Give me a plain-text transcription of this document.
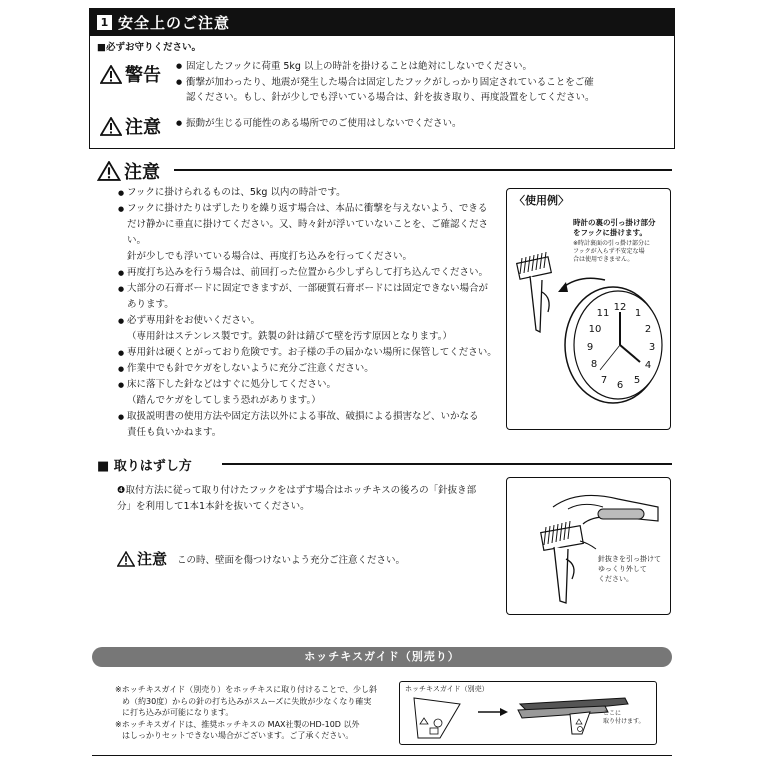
1 安全上のご注意
■必ずお守りください。
警告 ● 固定したフックに荷重 5kg 以上の時計を掛けることは絶対にしないでください。
● 衝撃が加わったり、地震が発生した場合は固定したフックがしっかり固定されていることをご確
認ください。もし、針が少しでも浮いている場合は、針を抜き取り、再度設置をしてください。
注意 ● 振動が生じる可能性のある場所でのご使用はしないでください。
注意
● フックに掛けられるものは、5kg 以内の時計です。
● フックに掛けたりはずしたりを繰り返す場合は、本品に衝撃を与えないよう、できる
だけ静かに垂直に掛けてください。又、時々針が浮いていないことを、ご確認ください。
針が少しでも浮いている場合は、再度打ち込みを行ってください。
● 再度打ち込みを行う場合は、前回打った位置から少しずらして打ち込んでください。
● 大部分の石膏ボードに固定できますが、一部硬質石膏ボードには固定できない場合が
あります。
● 必ず専用針をお使いください。
（専用針はステンレス製です。鉄製の針は錆びて壁を汚す原因となります。）
● 専用針は硬くとがっており危険です。お子様の手の届かない場所に保管してください。
● 作業中でも針でケガをしないように充分ご注意ください。
● 床に落下した針などはすぐに処分してください。
（踏んでケガをしてしまう恐れがあります。）
● 取扱説明書の使用方法や固定方法以外による事故、破損による損害など、いかなる
責任も負いかねます。
〈使用例〉
時計の裏の引っ掛け部分
をフックに掛けます。
※時計裏面の引っ掛け部分に
フックが入らず不安定な場
合は使用できません。
12
1
2
3
4
5
6
7
8
9
10
11
■ 取りはずし方
❹取付方法に従って取り付けたフックをはずす場合はホッチキスの後ろの「針抜き部
分」を利用して1本1本針を抜いてください。
注意 この時、壁面を傷つけないよう充分ご注意ください。	針抜きを引っ掛けて
ゆっくり外して
ください。
ホッチキスガイド（別売り）
※ホッチキスガイド（別売り）をホッチキスに取り付けることで、少し斜
め（約30度）からの針の打ち込みがスムーズに失敗が少なくなり確実
に打ち込みが可能になります。
※ホッチキスガイドは、推奨ホッチキスの MAX社製のHD-10D 以外
はしっかりセットできない場合がございます。ご了承ください。
ホッチキスガイド（別売）
ここに
取り付けます。
